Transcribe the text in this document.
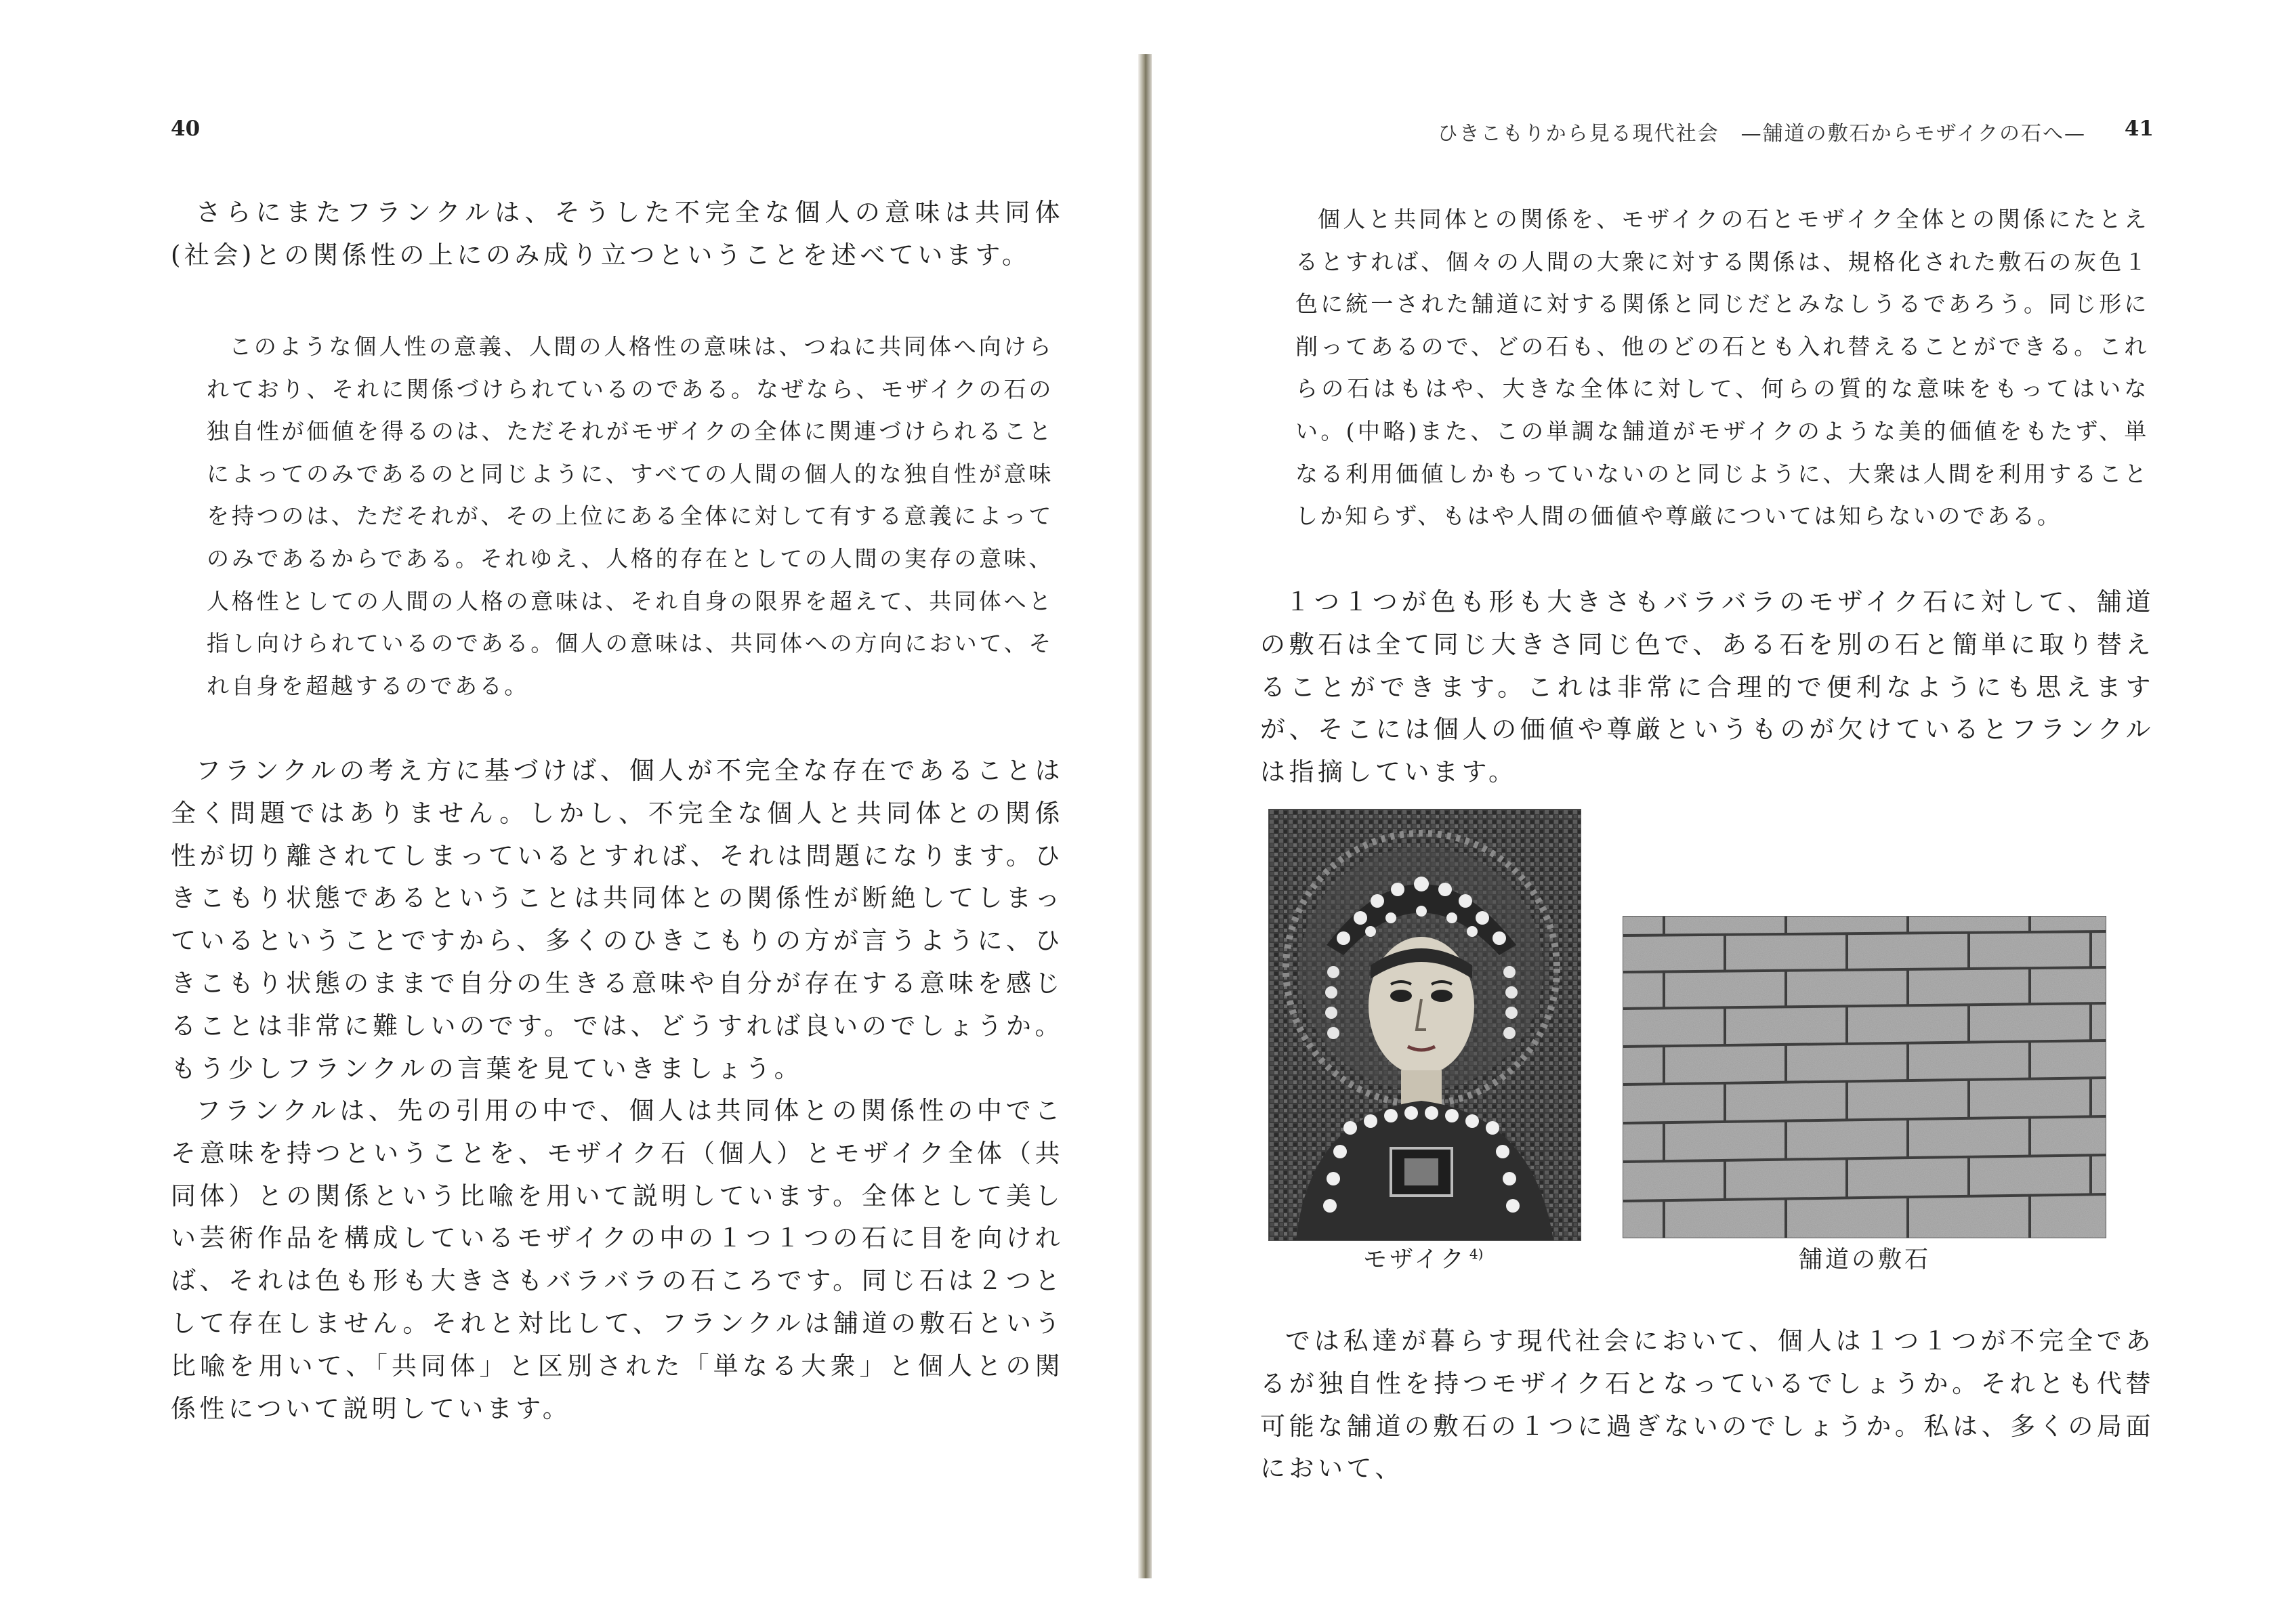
40

さらにまたフランクルは、そうした不完全な個人の意味は共同体(社会)との関係性の上にのみ成り立つということを述べています。

このような個人性の意義、人間の人格性の意味は、つねに共同体へ向けられており、それに関係づけられているのである。なぜなら、モザイクの石の独自性が価値を得るのは、ただそれがモザイクの全体に関連づけられることによってのみであるのと同じように、すべての人間の個人的な独自性が意味を持つのは、ただそれが、その上位にある全体に対して有する意義によってのみであるからである。それゆえ、人格的存在としての人間の実存の意味、人格性としての人間の人格の意味は、それ自身の限界を超えて、共同体へと指し向けられているのである。個人の意味は、共同体への方向において、それ自身を超越するのである。

フランクルの考え方に基づけば、個人が不完全な存在であることは全く問題ではありません。しかし、不完全な個人と共同体との関係性が切り離されてしまっているとすれば、それは問題になります。ひきこもり状態であるということは共同体との関係性が断絶してしまっているということですから、多くのひきこもりの方が言うように、ひきこもり状態のままで自分の生きる意味や自分が存在する意味を感じることは非常に難しいのです。では、どうすれば良いのでしょうか。もう少しフランクルの言葉を見ていきましょう。

フランクルは、先の引用の中で、個人は共同体との関係性の中でこそ意味を持つということを、モザイク石（個人）とモザイク全体（共同体）との関係という比喩を用いて説明しています。全体として美しい芸術作品を構成しているモザイクの中の１つ１つの石に目を向ければ、それは色も形も大きさもバラバラの石ころです。同じ石は２つとして存在しません。それと対比して、フランクルは舗道の敷石という比喩を用いて、「共同体」と区別された「単なる大衆」と個人との関係性について説明しています。

ひきこもりから見る現代社会　—舗道の敷石からモザイクの石へ— 41

個人と共同体との関係を、モザイクの石とモザイク全体との関係にたとえるとすれば、個々の人間の大衆に対する関係は、規格化された敷石の灰色１色に統一された舗道に対する関係と同じだとみなしうるであろう。同じ形に削ってあるので、どの石も、他のどの石とも入れ替えることができる。これらの石はもはや、大きな全体に対して、何らの質的な意味をもってはいない。(中略)また、この単調な舗道がモザイクのような美的価値をもたず、単なる利用価値しかもっていないのと同じように、大衆は人間を利用することしか知らず、もはや人間の価値や尊厳については知らないのである。

１つ１つが色も形も大きさもバラバラのモザイク石に対して、舗道の敷石は全て同じ大きさ同じ色で、ある石を別の石と簡単に取り替えることができます。これは非常に合理的で便利なようにも思えますが、そこには個人の価値や尊厳というものが欠けているとフランクルは指摘しています。

モザイク $^{4)}$	舗道の敷石

では私達が暮らす現代社会において、個人は１つ１つが不完全であるが独自性を持つモザイク石となっているでしょうか。それとも代替可能な舗道の敷石の１つに過ぎないのでしょうか。私は、多くの局面において、
